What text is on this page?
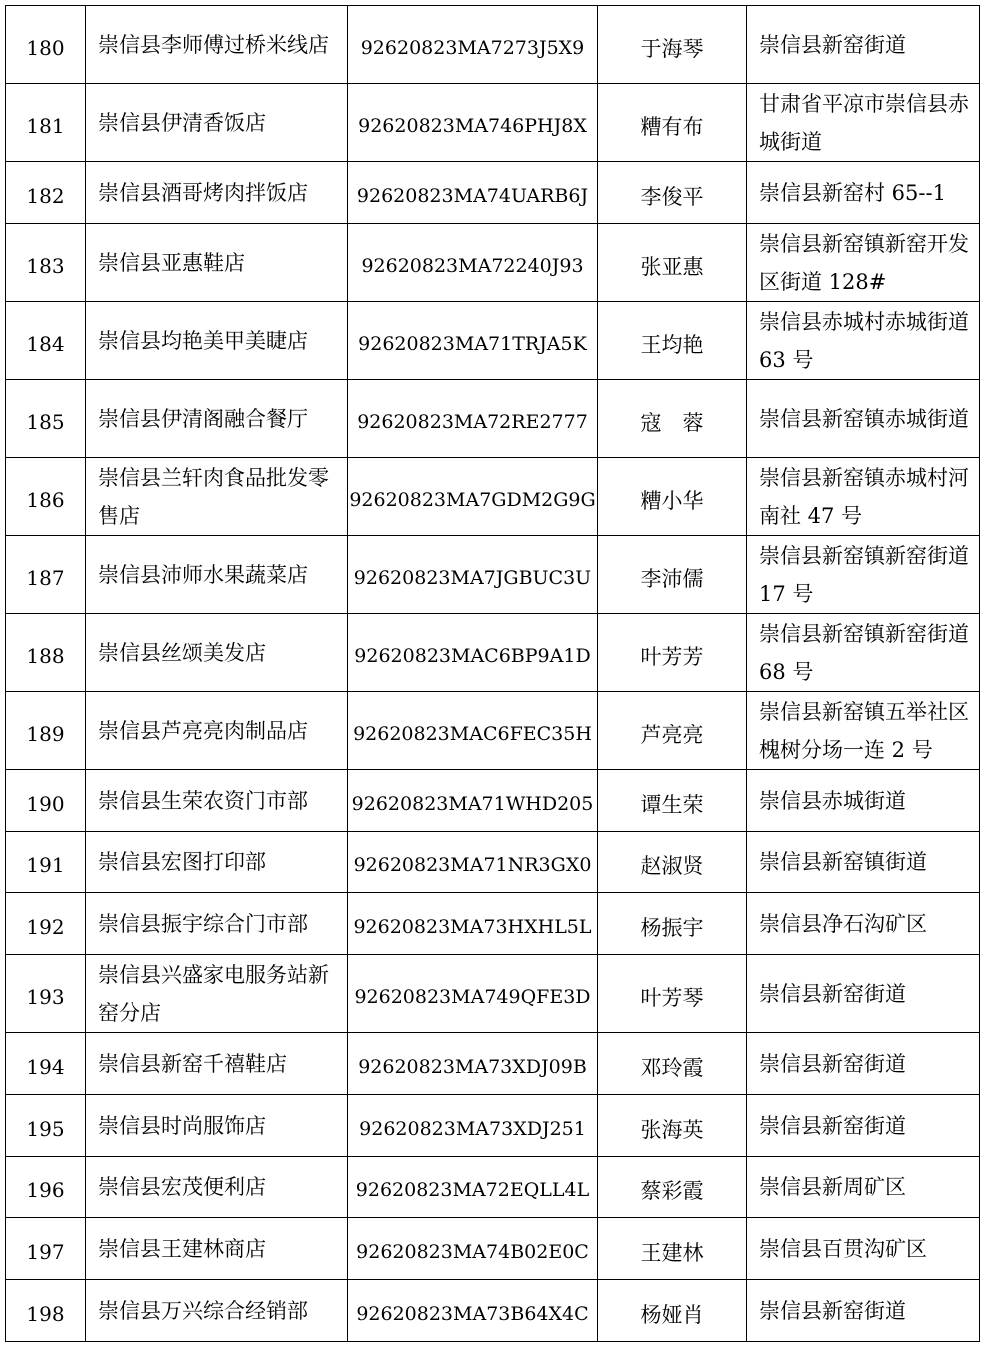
180	崇信县李师傅过桥米线店	92620823MA7273J5X9	于海琴	崇信县新窑街道
181	崇信县伊清香饭店	92620823MA746PHJ8X	糟有布	甘肃省平凉市崇信县赤城街道
182	崇信县酒哥烤肉拌饭店	92620823MA74UARB6J	李俊平	崇信县新窑村 65--1
183	崇信县亚惠鞋店	92620823MA72240J93	张亚惠	崇信县新窑镇新窑开发区街道 128#
184	崇信县均艳美甲美睫店	92620823MA71TRJA5K	王均艳	崇信县赤城村赤城街道 63 号
185	崇信县伊清阁融合餐厅	92620823MA72RE2777	寇　蓉	崇信县新窑镇赤城街道
186	崇信县兰轩肉食品批发零售店	92620823MA7GDM2G9G	糟小华	崇信县新窑镇赤城村河南社 47 号
187	崇信县沛师水果蔬菜店	92620823MA7JGBUC3U	李沛儒	崇信县新窑镇新窑街道 17 号
188	崇信县丝颂美发店	92620823MAC6BP9A1D	叶芳芳	崇信县新窑镇新窑街道 68 号
189	崇信县芦亮亮肉制品店	92620823MAC6FEC35H	芦亮亮	崇信县新窑镇五举社区槐树分场一连 2 号
190	崇信县生荣农资门市部	92620823MA71WHD205	谭生荣	崇信县赤城街道
191	崇信县宏图打印部	92620823MA71NR3GX0	赵淑贤	崇信县新窑镇街道
192	崇信县振宇综合门市部	92620823MA73HXHL5L	杨振宇	崇信县净石沟矿区
193	崇信县兴盛家电服务站新窑分店	92620823MA749QFE3D	叶芳琴	崇信县新窑街道
194	崇信县新窑千禧鞋店	92620823MA73XDJ09B	邓玲霞	崇信县新窑街道
195	崇信县时尚服饰店	92620823MA73XDJ251	张海英	崇信县新窑街道
196	崇信县宏茂便利店	92620823MA72EQLL4L	蔡彩霞	崇信县新周矿区
197	崇信县王建林商店	92620823MA74B02E0C	王建林	崇信县百贯沟矿区
198	崇信县万兴综合经销部	92620823MA73B64X4C	杨娅肖	崇信县新窑街道
